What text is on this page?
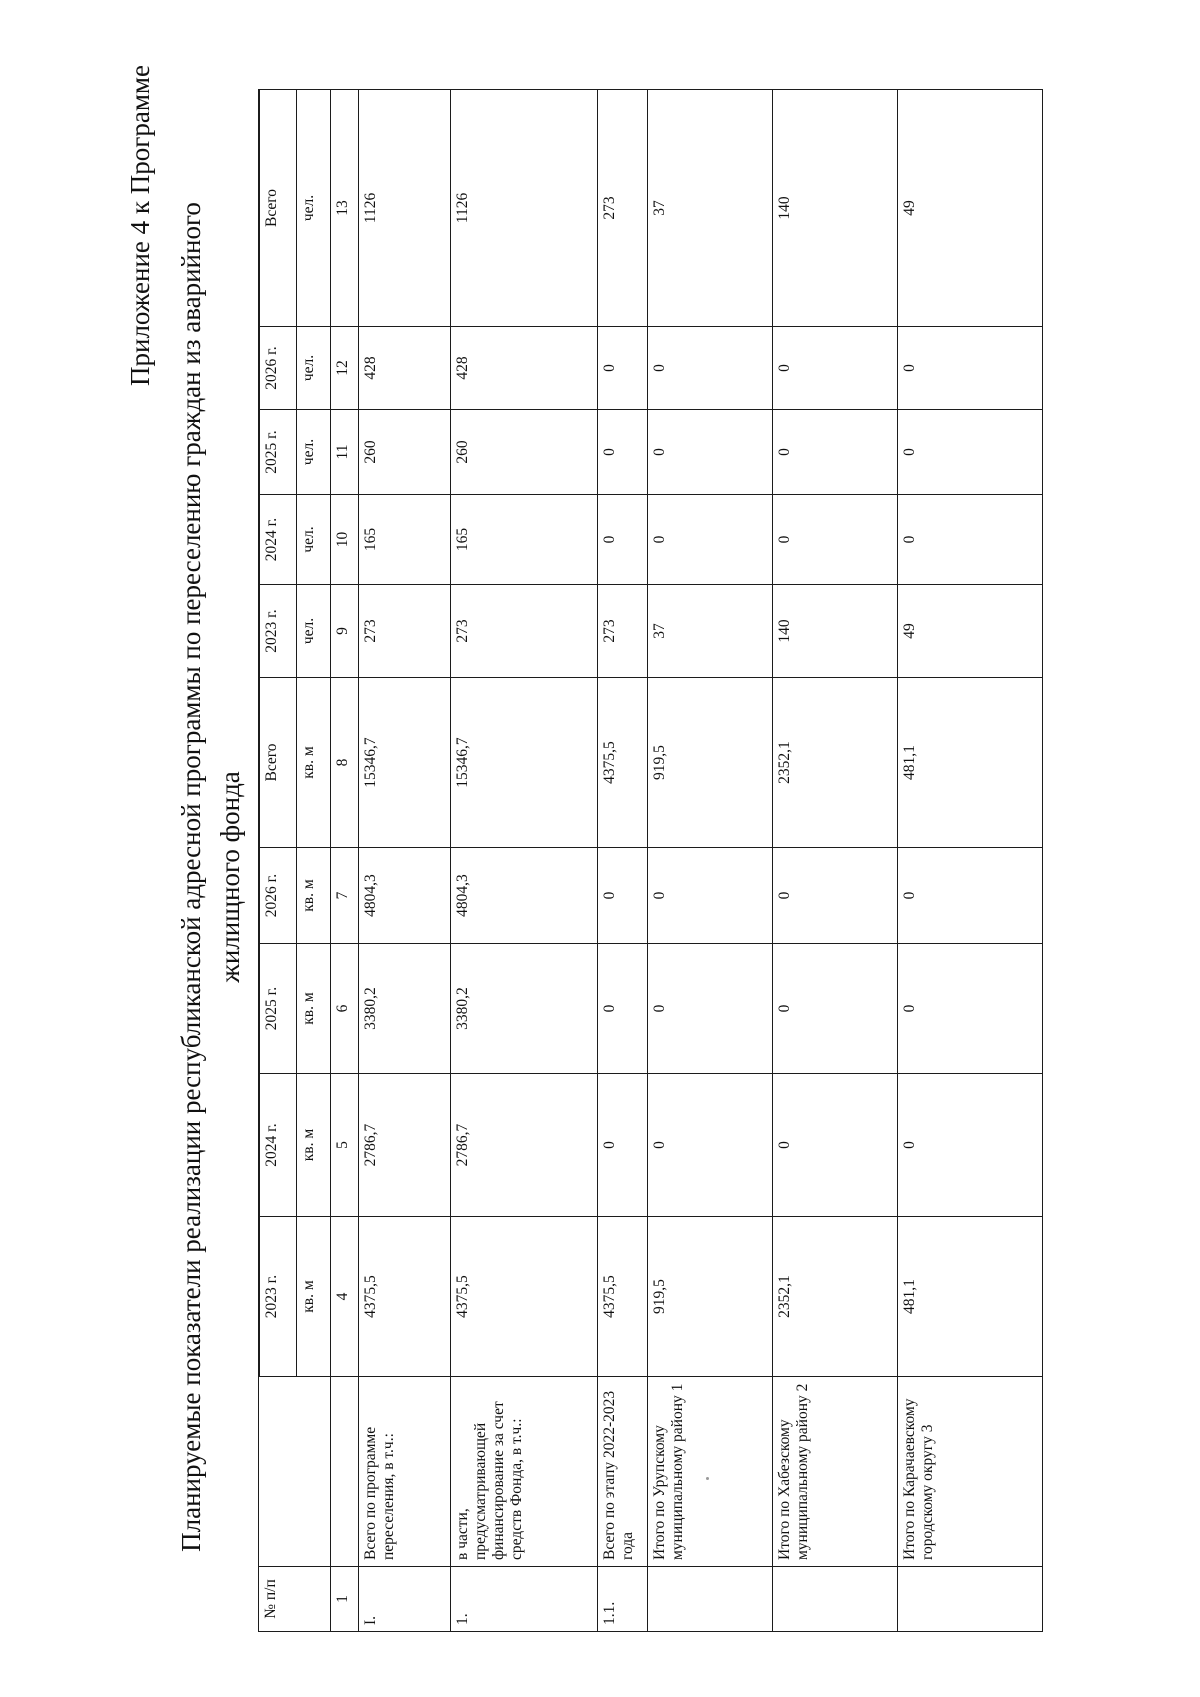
Приложение 4 к Программе Планируемые показатели реализации республиканской адресной программы по переселению граждан из аварийного жилищного фонда
№ п/п											
		2023 г.	2024 г.	2025 г.	2026 г.	Всего	2023 г.	2024 г.	2025 г.	2026 г.	Всего
		кв. м	кв. м	кв. м	кв. м	кв. м	чел.	чел.	чел.	чел.	чел.
1		4	5	6	7	8	9	10	11	12	13
I.	Всего по программе переселения, в т.ч.:	4375,5	2786,7	3380,2	4804,3	15346,7	273	165	260	428	1126
1.	в части, предусматривающей финансирование за счет средств Фонда, в т.ч.:	4375,5	2786,7	3380,2	4804,3	15346,7	273	165	260	428	1126
1.1.	Всего по этапу 2022-2023 года	4375,5	0	0	0	4375,5	273	0	0	0	273
	Итого по Урупскому муниципальному району 1	919,5	0	0	0	919,5	37	0	0	0	37
	Итого по Хабезскому муниципальному району 2	2352,1	0	0	0	2352,1	140	0	0	0	140
	Итого по Карачаевскому городскому округу 3	481,1	0	0	0	481,1	49	0	0	0	49
